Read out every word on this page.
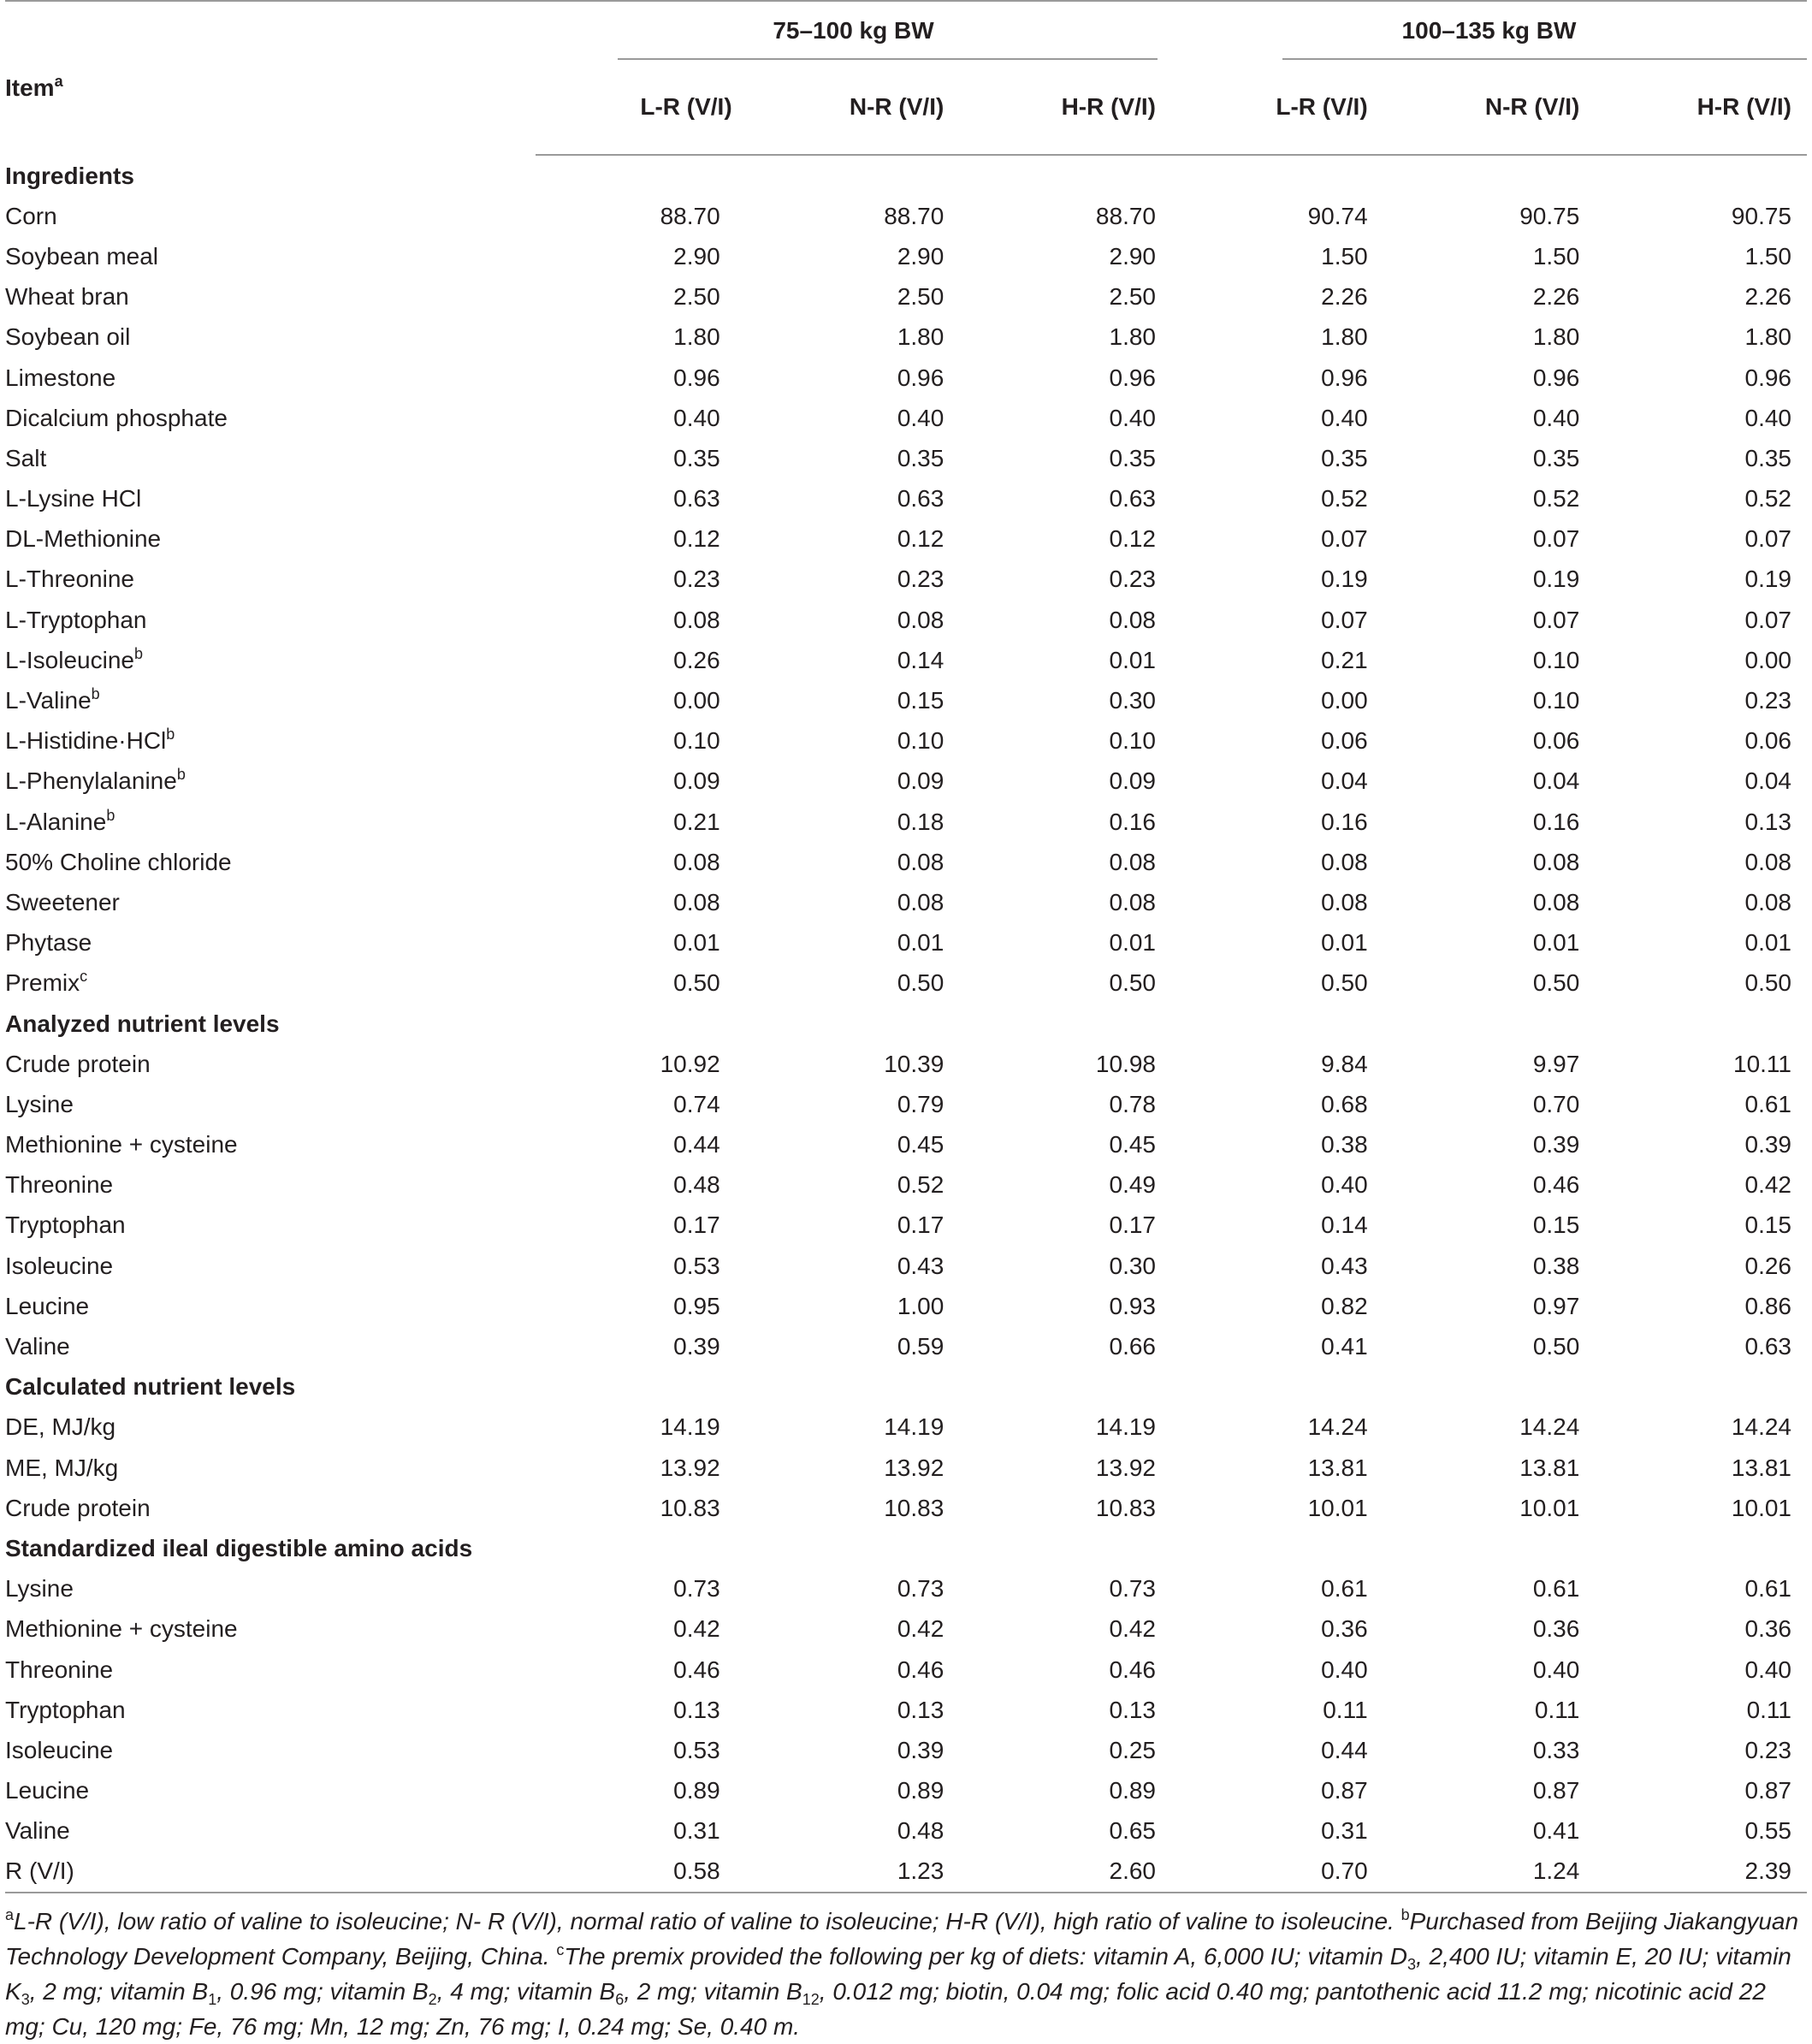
Item$^a$	75–100 kg BW			100–135 kg BW		

	L-R (V/I)	N-R (V/I)	H-R (V/I)	L-R (V/I)	N-R (V/I)	H-R (V/I)
Ingredients						
Corn	88.70	88.70	88.70	90.74	90.75	90.75
Soybean meal	2.90	2.90	2.90	1.50	1.50	1.50
Wheat bran	2.50	2.50	2.50	2.26	2.26	2.26
Soybean oil	1.80	1.80	1.80	1.80	1.80	1.80
Limestone	0.96	0.96	0.96	0.96	0.96	0.96
Dicalcium phosphate	0.40	0.40	0.40	0.40	0.40	0.40
Salt	0.35	0.35	0.35	0.35	0.35	0.35
L-Lysine HCl	0.63	0.63	0.63	0.52	0.52	0.52
DL-Methionine	0.12	0.12	0.12	0.07	0.07	0.07
L-Threonine	0.23	0.23	0.23	0.19	0.19	0.19
L-Tryptophan	0.08	0.08	0.08	0.07	0.07	0.07
L-Isoleucine$^b$	0.26	0.14	0.01	0.21	0.10	0.00
L-Valine$^b$	0.00	0.15	0.30	0.00	0.10	0.23
L-Histidine·HCl$^b$	0.10	0.10	0.10	0.06	0.06	0.06
L-Phenylalanine$^b$	0.09	0.09	0.09	0.04	0.04	0.04
L-Alanine$^b$	0.21	0.18	0.16	0.16	0.16	0.13
50% Choline chloride	0.08	0.08	0.08	0.08	0.08	0.08
Sweetener	0.08	0.08	0.08	0.08	0.08	0.08
Phytase	0.01	0.01	0.01	0.01	0.01	0.01
Premix$^c$	0.50	0.50	0.50	0.50	0.50	0.50
Analyzed nutrient levels						
Crude protein	10.92	10.39	10.98	9.84	9.97	10.11
Lysine	0.74	0.79	0.78	0.68	0.70	0.61
Methionine + cysteine	0.44	0.45	0.45	0.38	0.39	0.39
Threonine	0.48	0.52	0.49	0.40	0.46	0.42
Tryptophan	0.17	0.17	0.17	0.14	0.15	0.15
Isoleucine	0.53	0.43	0.30	0.43	0.38	0.26
Leucine	0.95	1.00	0.93	0.82	0.97	0.86
Valine	0.39	0.59	0.66	0.41	0.50	0.63
Calculated nutrient levels						
DE, MJ/kg	14.19	14.19	14.19	14.24	14.24	14.24
ME, MJ/kg	13.92	13.92	13.92	13.81	13.81	13.81
Crude protein	10.83	10.83	10.83	10.01	10.01	10.01
Standardized ileal digestible amino acids						
Lysine	0.73	0.73	0.73	0.61	0.61	0.61
Methionine + cysteine	0.42	0.42	0.42	0.36	0.36	0.36
Threonine	0.46	0.46	0.46	0.40	0.40	0.40
Tryptophan	0.13	0.13	0.13	0.11	0.11	0.11
Isoleucine	0.53	0.39	0.25	0.44	0.33	0.23
Leucine	0.89	0.89	0.89	0.87	0.87	0.87
Valine	0.31	0.48	0.65	0.31	0.41	0.55
R (V/I)	0.58	1.23	2.60	0.70	1.24	2.39
$^a$L-R (V/I), low ratio of valine to isoleucine; N- R (V/I), normal ratio of valine to isoleucine; H-R (V/I), high ratio of valine to isoleucine. $^b$Purchased from Beijing Jiakangyuan Technology Development Company, Beijing, China. $^c$The premix provided the following per kg of diets: vitamin A, 6,000 IU; vitamin $D_3$, 2,400 IU; vitamin E, 20 IU; vitamin $K_3$, 2 mg; vitamin $B_1$, 0.96 mg; vitamin $B_2$, 4 mg; vitamin $B_6$, 2 mg; vitamin $B_{12}$, 0.012 mg; biotin, 0.04 mg; folic acid 0.40 mg; pantothenic acid 11.2 mg; nicotinic acid 22 mg; Cu, 120 mg; Fe, 76 mg; Mn, 12 mg; Zn, 76 mg; I, 0.24 mg; Se, 0.40 m.
